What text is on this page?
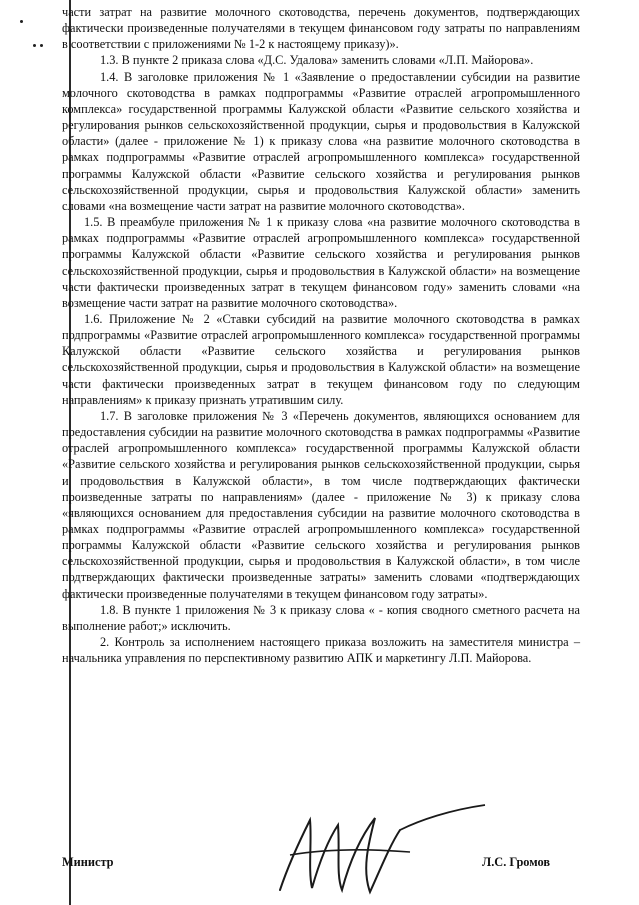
части затрат на развитие молочного скотоводства, перечень документов, подтверждающих фактически произведенные получателями в текущем финансовом году затраты по направлениям в соответствии с приложениями № 1-2 к настоящему приказу)».

1.3. В пункте 2 приказа слова «Д.С. Удалова» заменить словами «Л.П. Майорова».

1.4. В заголовке приложения № 1 «Заявление о предоставлении субсидии на развитие молочного скотоводства в рамках подпрограммы «Развитие отраслей агропромышленного комплекса» государственной программы Калужской области «Развитие сельского хозяйства и регулирования рынков сельскохозяйственной продукции, сырья и продовольствия в Калужской области» (далее - приложение № 1) к приказу слова «на развитие молочного скотоводства в рамках подпрограммы «Развитие отраслей агропромышленного комплекса» государственной программы Калужской области «Развитие сельского хозяйства и регулирования рынков сельскохозяйственной продукции, сырья и продовольствия Калужской области» заменить словами «на возмещение части затрат на развитие молочного скотоводства».

1.5. В преамбуле приложения № 1 к приказу слова «на развитие молочного скотоводства в рамках подпрограммы «Развитие отраслей агропромышленного комплекса» государственной программы Калужской области «Развитие сельского хозяйства и регулирования рынков сельскохозяйственной продукции, сырья и продовольствия в Калужской области» на возмещение части фактически произведенных затрат в текущем финансовом году» заменить словами «на возмещение части затрат на развитие молочного скотоводства».

1.6. Приложение № 2 «Ставки субсидий на развитие молочного скотоводства в рамках подпрограммы «Развитие отраслей агропромышленного комплекса» государственной программы Калужской области «Развитие сельского хозяйства и регулирования рынков сельскохозяйственной продукции, сырья и продовольствия в Калужской области» на возмещение части фактически произведенных затрат в текущем финансовом году по следующим направлениям» к приказу признать утратившим силу.

1.7. В заголовке приложения № 3 «Перечень документов, являющихся основанием для предоставления субсидии на развитие молочного скотоводства в рамках подпрограммы «Развитие отраслей агропромышленного комплекса» государственной программы Калужской области «Развитие сельского хозяйства и регулирования рынков сельскохозяйственной продукции, сырья и продовольствия в Калужской области», в том числе подтверждающих фактически произведенные затраты по направлениям» (далее - приложение № 3) к приказу слова «являющихся основанием для предоставления субсидии на развитие молочного скотоводства в рамках подпрограммы «Развитие отраслей агропромышленного комплекса» государственной программы Калужской области «Развитие сельского хозяйства и регулирования рынков сельскохозяйственной продукции, сырья и продовольствия в Калужской области», в том числе подтверждающих фактически произведенные затраты» заменить словами «подтверждающих фактически произведенные получателями в текущем финансовом году затраты».

1.8. В пункте 1 приложения № 3 к приказу слова « - копия сводного сметного расчета на выполнение работ;» исключить.

2. Контроль за исполнением настоящего приказа возложить на заместителя министра – начальника управления по перспективному развитию АПК и маркетингу Л.П. Майорова.

Министр	Л.С. Громов
